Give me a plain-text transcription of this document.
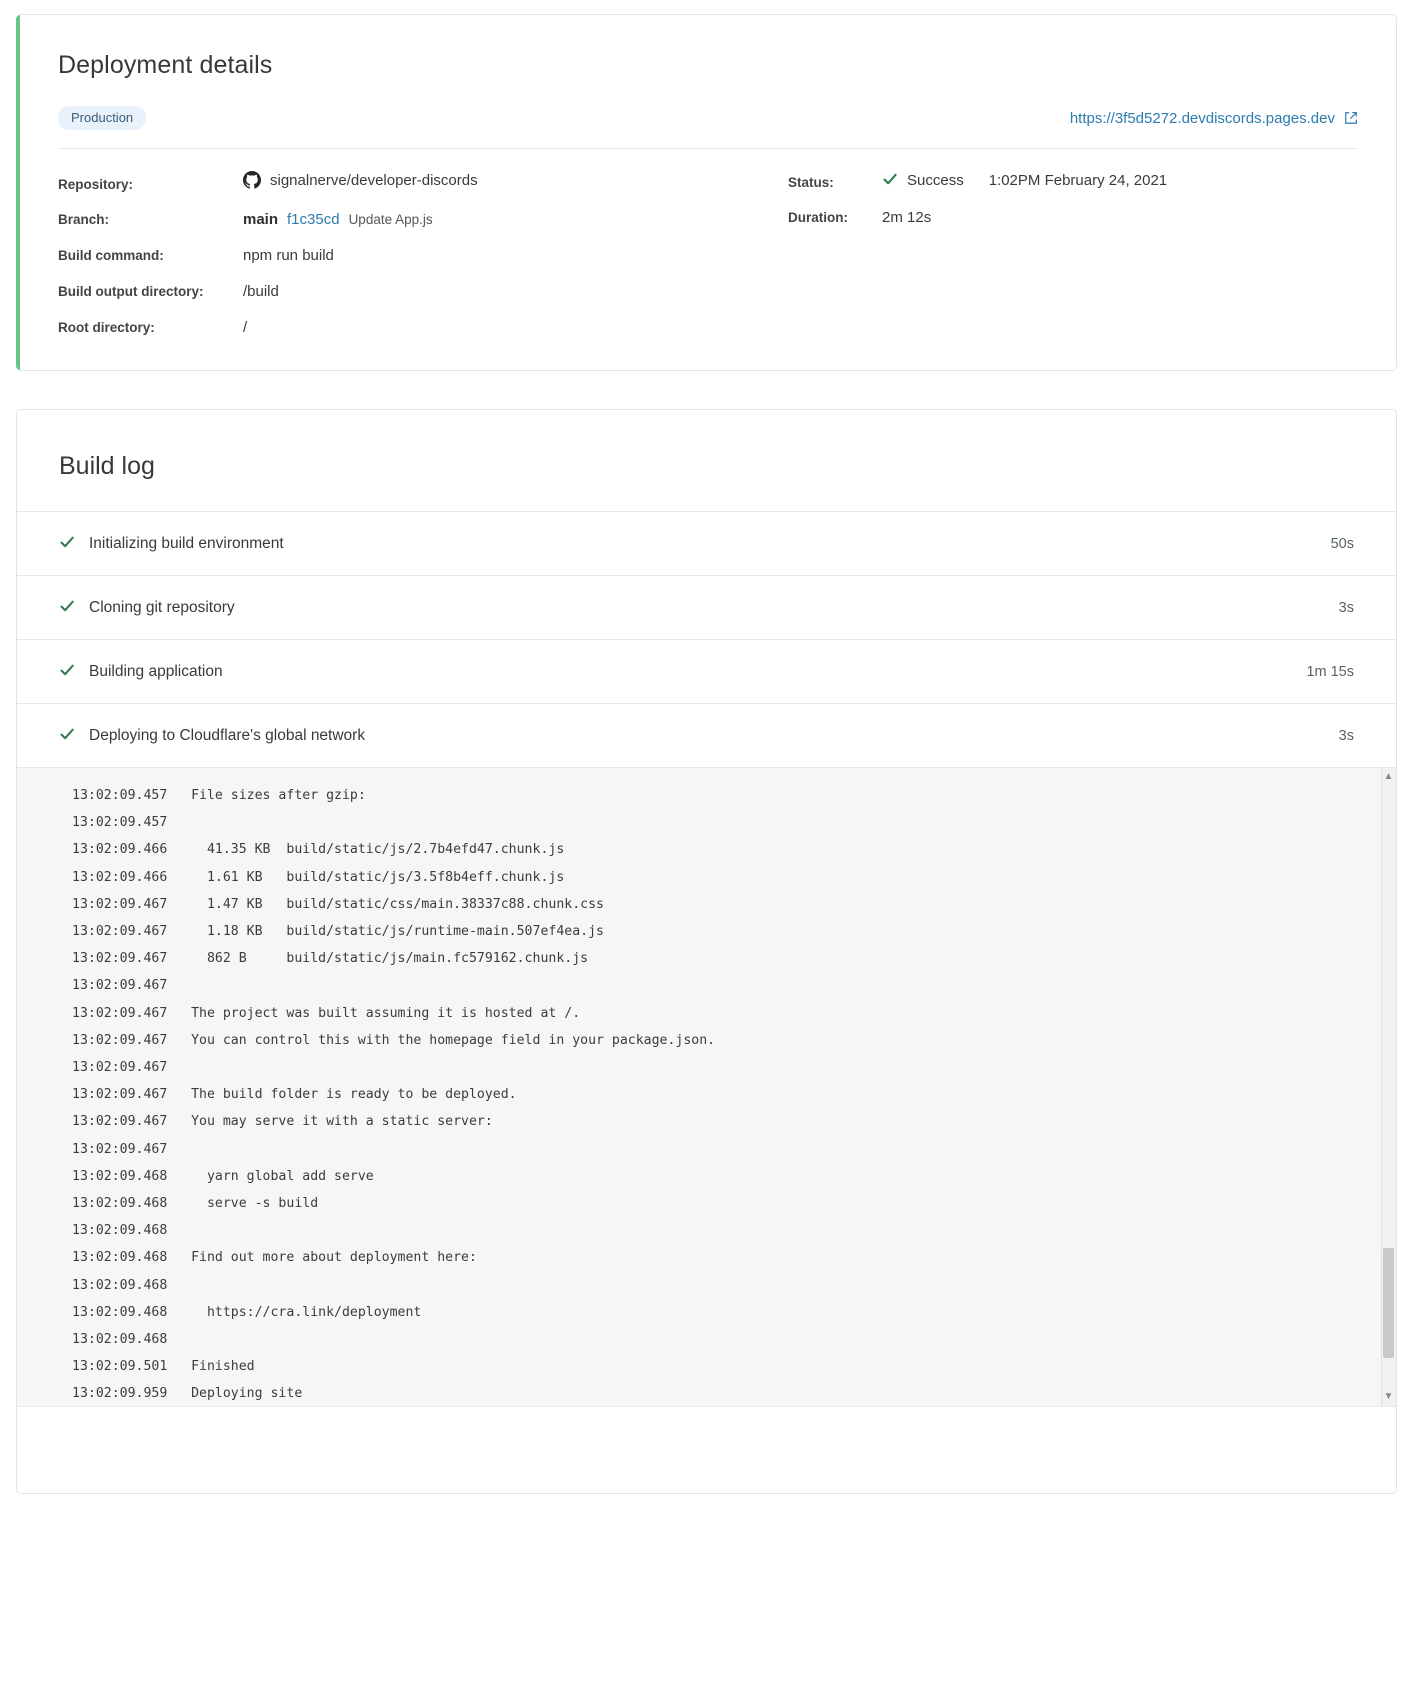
Deployment details
Production	https://3f5d5272.devdiscords.pages.dev
Repository:	signalnerve/developer-discords
Branch:	main f1c35cd Update App.js
Build command:	npm run build
Build output directory:	/build
Root directory:	/
Status:	Success 1:02PM February 24, 2021
Duration:	2m 12s
Build log
Initializing build environment	50s
Cloning git repository	3s
Building application	1m 15s
Deploying to Cloudflare's global network	3s
13:02:09.457   File sizes after gzip:
13:02:09.457
13:02:09.466     41.35 KB  build/static/js/2.7b4efd47.chunk.js
13:02:09.466     1.61 KB   build/static/js/3.5f8b4eff.chunk.js
13:02:09.467     1.47 KB   build/static/css/main.38337c88.chunk.css
13:02:09.467     1.18 KB   build/static/js/runtime-main.507ef4ea.js
13:02:09.467     862 B     build/static/js/main.fc579162.chunk.js
13:02:09.467
13:02:09.467   The project was built assuming it is hosted at /.
13:02:09.467   You can control this with the homepage field in your package.json.
13:02:09.467
13:02:09.467   The build folder is ready to be deployed.
13:02:09.467   You may serve it with a static server:
13:02:09.467
13:02:09.468     yarn global add serve
13:02:09.468     serve -s build
13:02:09.468
13:02:09.468   Find out more about deployment here:
13:02:09.468
13:02:09.468     https://cra.link/deployment
13:02:09.468
13:02:09.501   Finished
13:02:09.959   Deploying site
▲
▼
